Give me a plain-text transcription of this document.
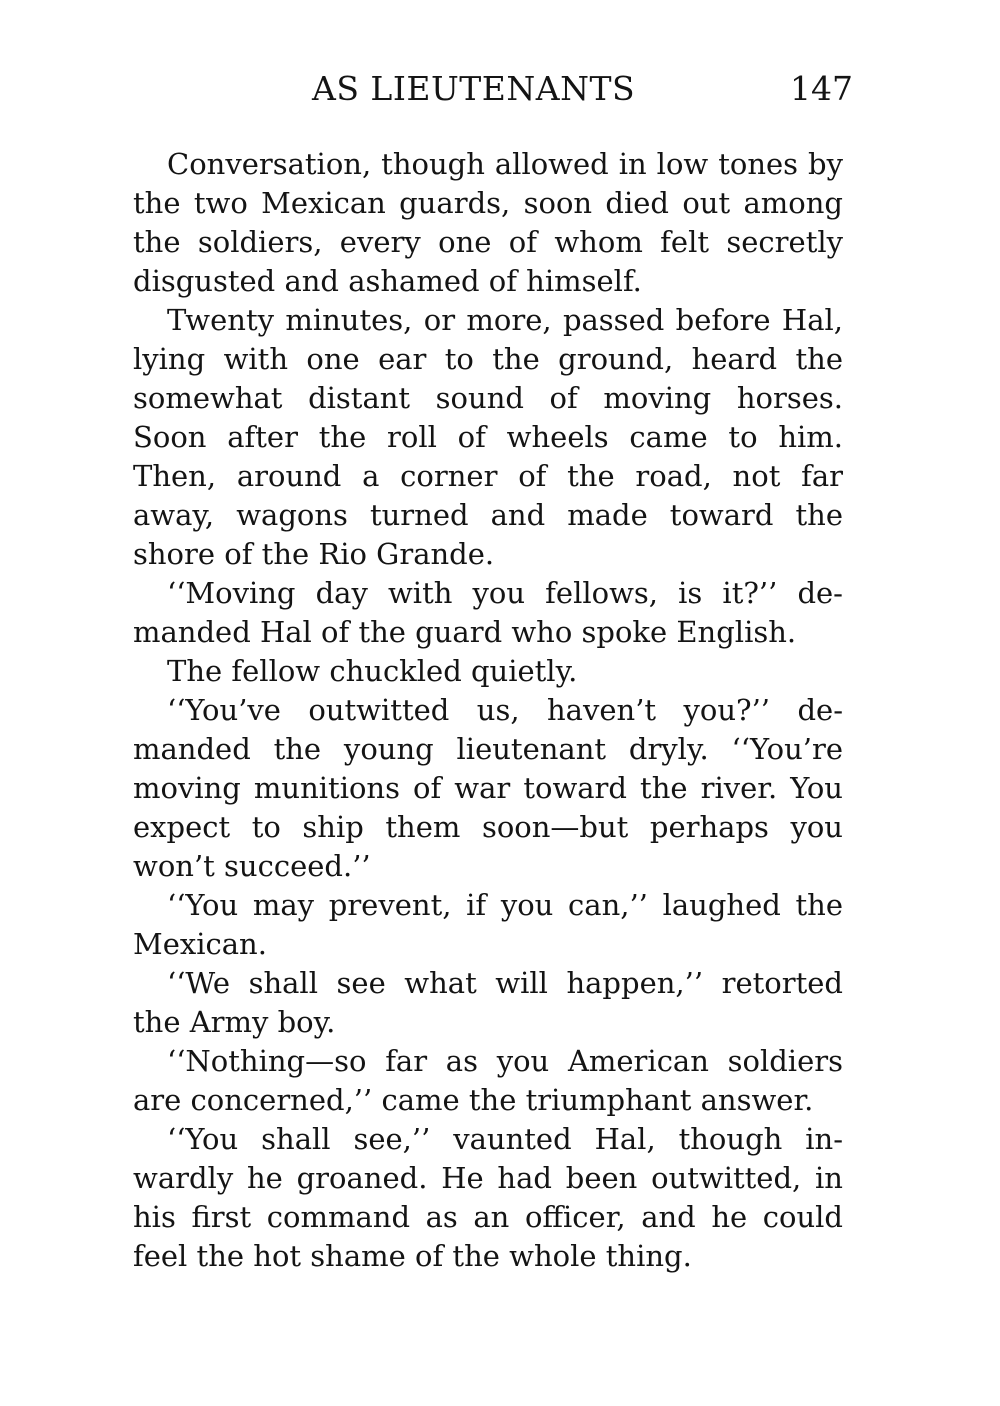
AS LIEUTENANTS	147
Conversation, though allowed in low tones by
the two Mexican guards, soon died out among
the soldiers, every one of whom felt secretly
disgusted and ashamed of himself.
Twenty minutes, or more, passed before Hal,
lying with one ear to the ground, heard the
somewhat distant sound of moving horses.
Soon after the roll of wheels came to him.
Then, around a corner of the road, not far
away, wagons turned and made toward the
shore of the Rio Grande.
‘‘Moving day with you fellows, is it?’’ de-
manded Hal of the guard who spoke English.
The fellow chuckled quietly.
‘‘You’ve outwitted us, haven’t you?’’ de-
manded the young lieutenant dryly. ‘‘You’re
moving munitions of war toward the river. You
expect to ship them soon—but perhaps you
won’t succeed.’’
‘‘You may prevent, if you can,’’ laughed the
Mexican.
‘‘We shall see what will happen,’’ retorted
the Army boy.
‘‘Nothing—so far as you American soldiers
are concerned,’’ came the triumphant answer.
‘‘You shall see,’’ vaunted Hal, though in-
wardly he groaned. He had been outwitted, in
his first command as an officer, and he could
feel the hot shame of the whole thing.
